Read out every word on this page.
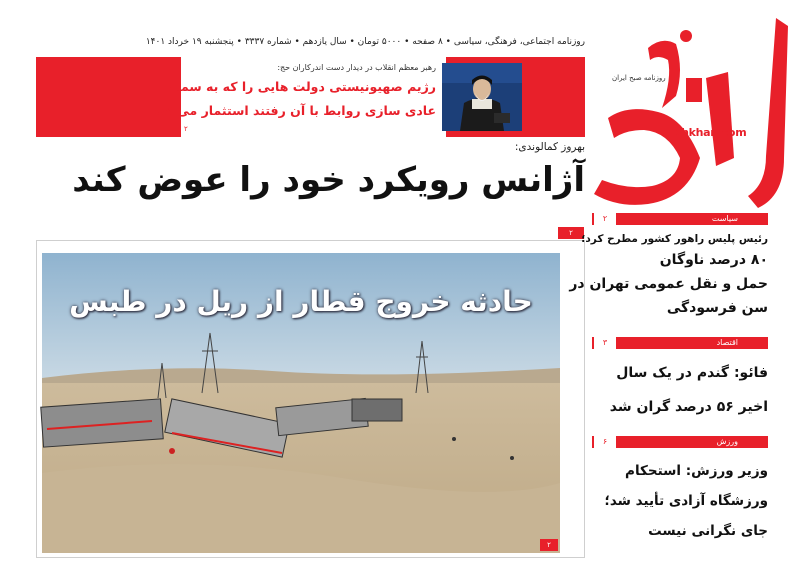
روزنامه اجتماعی، فرهنگی، سیاسی • ۸ صفحه • ۵۰۰۰ تومان • سال یازدهم • شماره ۳۳۳۷ • پنجشنبه ۱۹ خرداد ۱۴۰۱
رهبر معظم انقلاب در دیدار دست اندرکاران حج:
رژیم صهیونیستی دولت هایی را که به سمت
عادی سازی روابط با آن رفتند استثمار می کند
۲
روزنامه صبح ایران
Pishkhan.com
بهروز کمالوندی:
آژانس رویکرد خود را عوض کند
۲
حادثه خروج قطار از ریل در طبس
۲
سیاست
۲
رئیس پلیس راهور کشور مطرح کرد؛
۸۰ درصد ناوگان
حمل و نقل عمومی تهران در
سن فرسودگی
اقتصاد
۳
فائو: گندم در یک سال
اخیر ۵۶ درصد گران شد
ورزش
۶
وزیر ورزش: استحکام
ورزشگاه آزادی تأیید شد؛
جای نگرانی نیست
